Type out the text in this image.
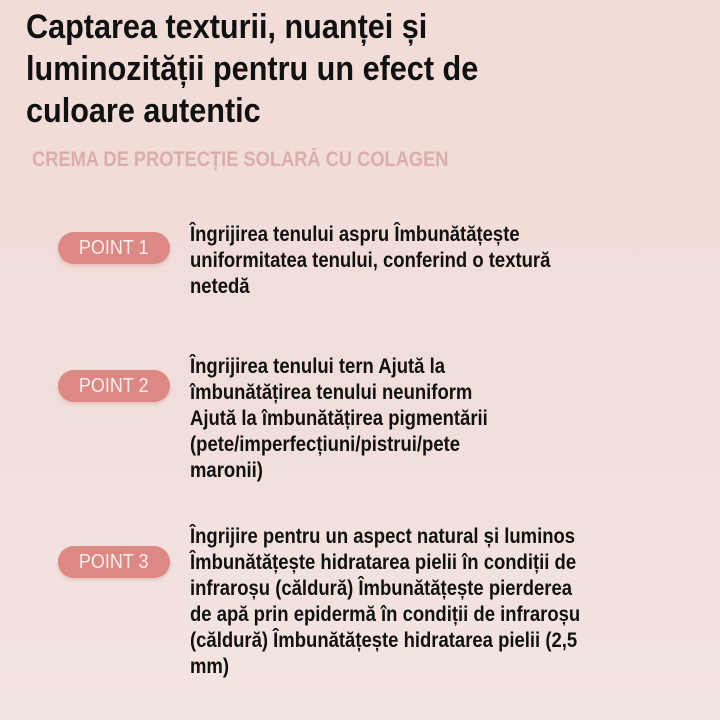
Captarea texturii, nuanței și
luminozității pentru un efect de
culoare autentic
CREMA DE PROTECȚIE SOLARĂ CU COLAGEN
POINT 1
Îngrijirea tenului aspru Îmbunătățește
uniformitatea tenului, conferind o textură
netedă
POINT 2
Îngrijirea tenului tern Ajută la
îmbunătățirea tenului neuniform
Ajută la îmbunătățirea pigmentării
(pete/imperfecțiuni/pistrui/pete
maronii)
POINT 3
Îngrijire pentru un aspect natural și luminos
Îmbunătățește hidratarea pielii în condiții de
infraroșu (căldură) Îmbunătățește pierderea
de apă prin epidermă în condiții de infraroșu
(căldură) Îmbunătățește hidratarea pielii (2,5
mm)
